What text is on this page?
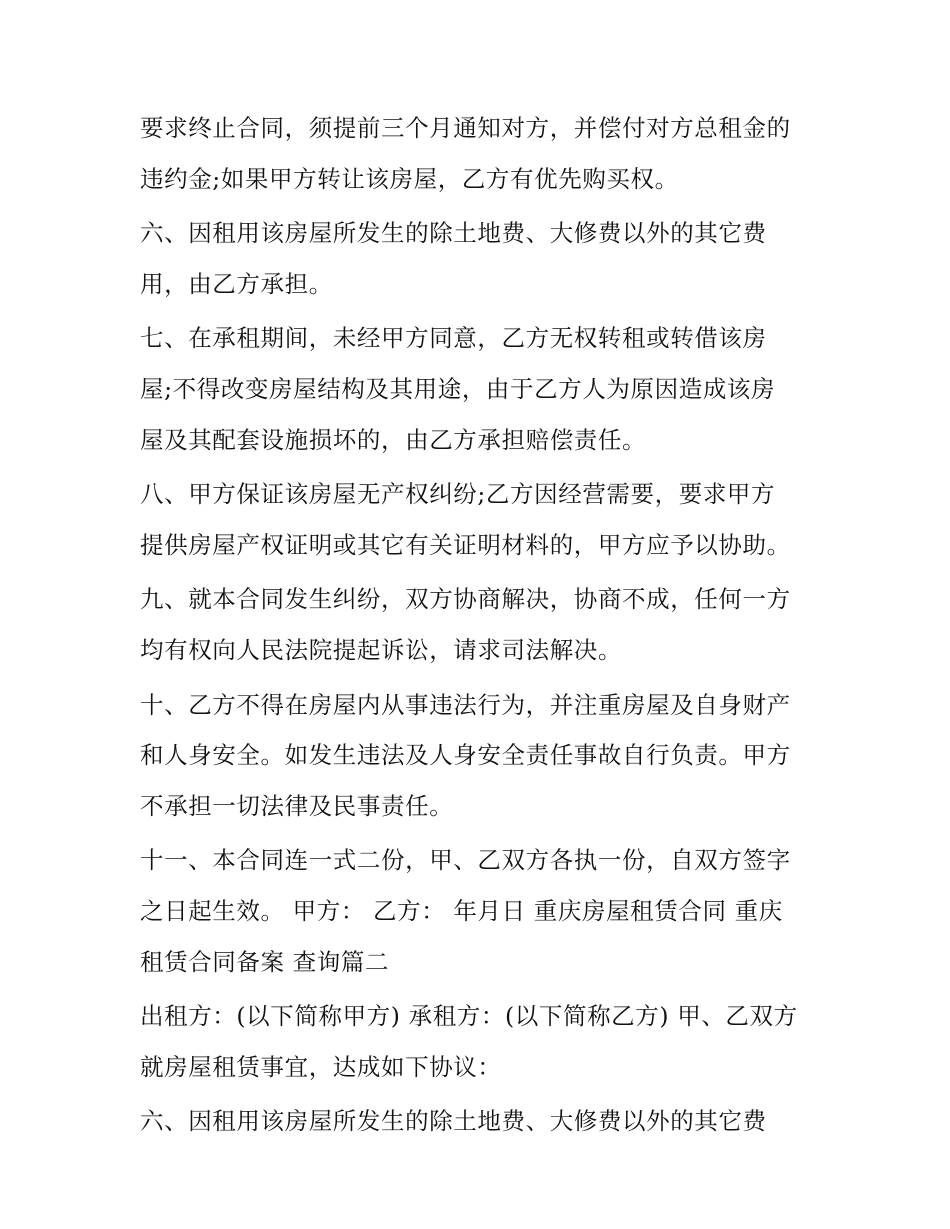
要求终止合同，须提前三个月通知对方，并偿付对方总租金的
违约金;如果甲方转让该房屋，乙方有优先购买权。

六、因租用该房屋所发生的除土地费、大修费以外的其它费
用，由乙方承担。

七、在承租期间，未经甲方同意，乙方无权转租或转借该房
屋;不得改变房屋结构及其用途，由于乙方人为原因造成该房
屋及其配套设施损坏的，由乙方承担赔偿责任。

八、甲方保证该房屋无产权纠纷;乙方因经营需要，要求甲方
提供房屋产权证明或其它有关证明材料的，甲方应予以协助。

九、就本合同发生纠纷，双方协商解决，协商不成，任何一方
均有权向人民法院提起诉讼，请求司法解决。

十、乙方不得在房屋内从事违法行为，并注重房屋及自身财产
和人身安全。如发生违法及人身安全责任事故自行负责。甲方
不承担一切法律及民事责任。

十一、本合同连一式二份，甲、乙双方各执一份，自双方签字
之日起生效。 甲方： 乙方： 年月日 重庆房屋租赁合同 重庆
租赁合同备案 查询篇二

出租方：(以下简称甲方) 承租方：(以下简称乙方) 甲、乙双方
就房屋租赁事宜，达成如下协议：

六、因租用该房屋所发生的除土地费、大修费以外的其它费
